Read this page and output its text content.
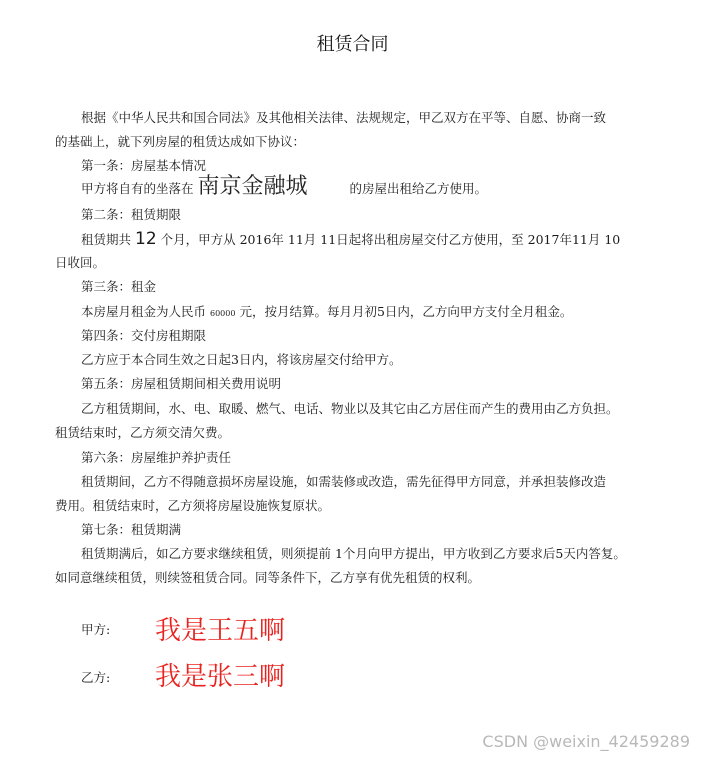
租赁合同
根据《中华人民共和国合同法》及其他相关法律、法规规定，甲乙双方在平等、自愿、协商一致
的基础上，就下列房屋的租赁达成如下协议：
第一条：房屋基本情况
甲方将自有的坐落在 南京金融城	的房屋出租给乙方使用。
第二条：租赁期限
租赁期共 12 个月，甲方从 2016年 11月 11日起将出租房屋交付乙方使用，至 2017年11月 10
日收回。
第三条：租金
本房屋月租金为人民币 60000 元，按月结算。每月月初5日内，乙方向甲方支付全月租金。
第四条：交付房租期限
乙方应于本合同生效之日起3日内，将该房屋交付给甲方。
第五条：房屋租赁期间相关费用说明
乙方租赁期间，水、电、取暖、燃气、电话、物业以及其它由乙方居住而产生的费用由乙方负担。
租赁结束时，乙方须交清欠费。
第六条：房屋维护养护责任
租赁期间，乙方不得随意损坏房屋设施，如需装修或改造，需先征得甲方同意，并承担装修改造
费用。租赁结束时，乙方须将房屋设施恢复原状。
第七条：租赁期满
租赁期满后，如乙方要求继续租赁，则须提前 1个月向甲方提出，甲方收到乙方要求后5天内答复。
如同意继续租赁，则续签租赁合同。同等条件下，乙方享有优先租赁的权利。
甲方: 我是王五啊
乙方: 我是张三啊
CSDN @weixin_42459289
